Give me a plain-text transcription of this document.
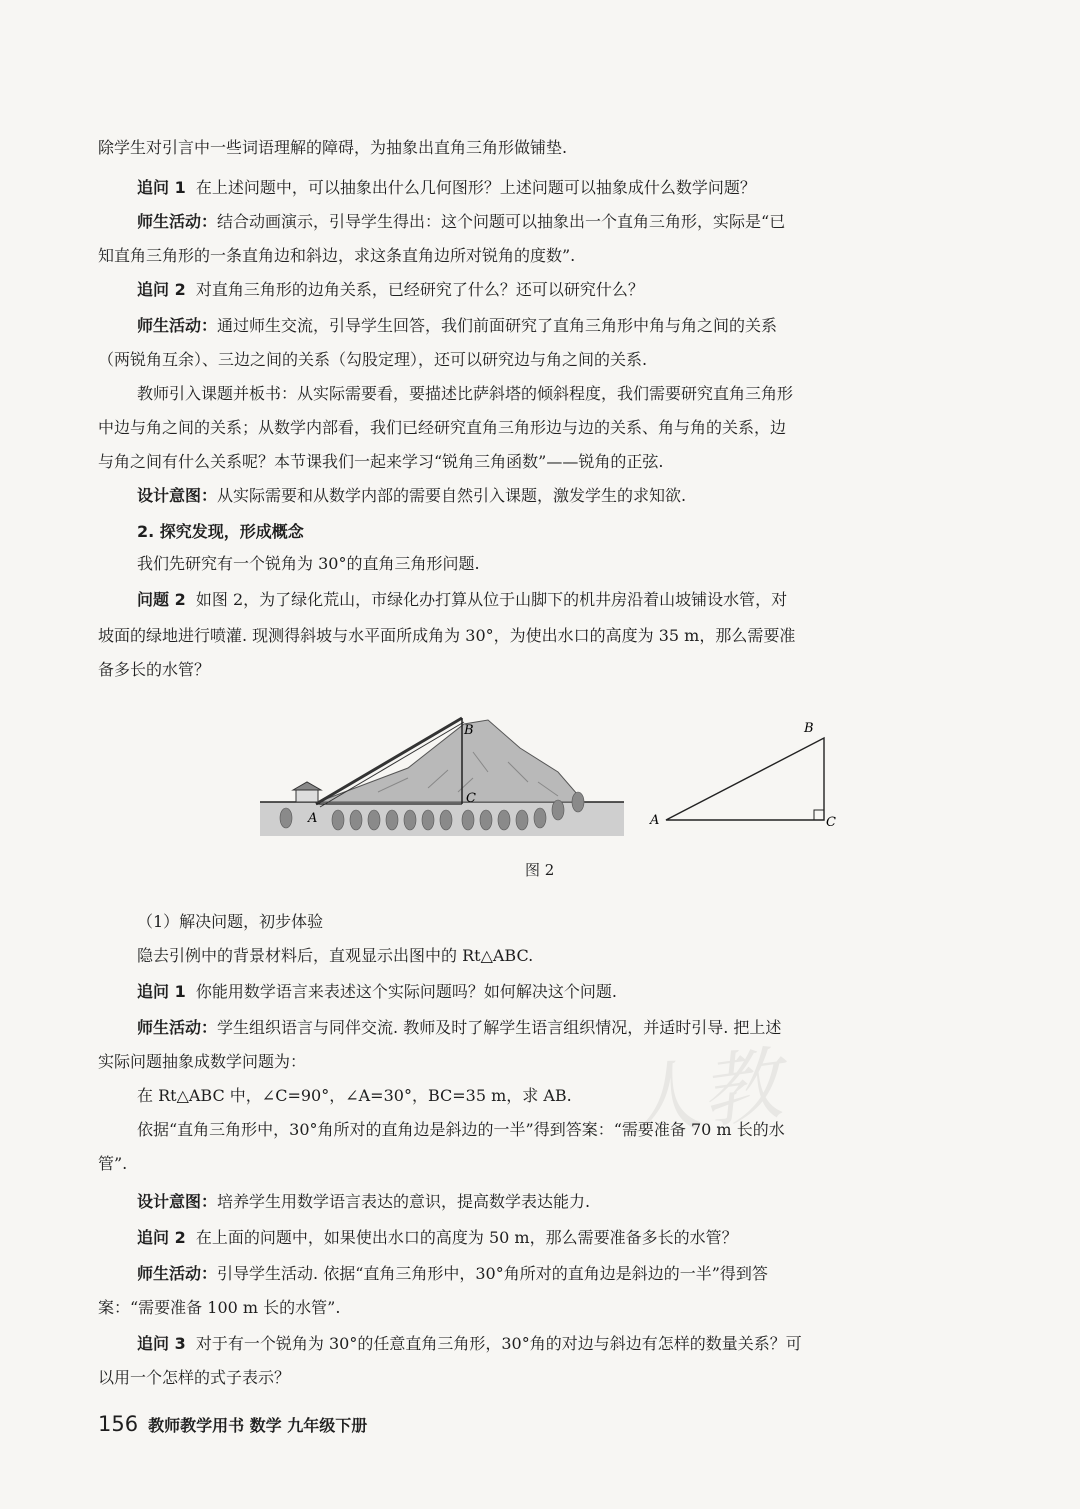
人教

除学生对引言中一些词语理解的障碍，为抽象出直角三角形做铺垫.

追问 1 在上述问题中，可以抽象出什么几何图形？上述问题可以抽象成什么数学问题？

师生活动：结合动画演示，引导学生得出：这个问题可以抽象出一个直角三角形，实际是“已

知直角三角形的一条直角边和斜边，求这条直角边所对锐角的度数”.

追问 2 对直角三角形的边角关系，已经研究了什么？还可以研究什么？

师生活动：通过师生交流，引导学生回答，我们前面研究了直角三角形中角与角之间的关系

（两锐角互余）、三边之间的关系（勾股定理），还可以研究边与角之间的关系.

教师引入课题并板书：从实际需要看，要描述比萨斜塔的倾斜程度，我们需要研究直角三角形

中边与角之间的关系；从数学内部看，我们已经研究直角三角形边与边的关系、角与角的关系，边

与角之间有什么关系呢？本节课我们一起来学习“锐角三角函数”——锐角的正弦.

设计意图：从实际需要和从数学内部的需要自然引入课题，激发学生的求知欲.

2. 探究发现，形成概念

我们先研究有一个锐角为 30°的直角三角形问题.

问题 2 如图 2，为了绿化荒山，市绿化办打算从位于山脚下的机井房沿着山坡铺设水管，对

坡面的绿地进行喷灌. 现测得斜坡与水平面所成角为 30°，为使出水口的高度为 35 m，那么需要准

备多长的水管？

B
C
A
B
A	C
图 2

（1）解决问题，初步体验

隐去引例中的背景材料后，直观显示出图中的 Rt△ABC.

追问 1 你能用数学语言来表述这个实际问题吗？如何解决这个问题.

师生活动：学生组织语言与同伴交流. 教师及时了解学生语言组织情况，并适时引导. 把上述

实际问题抽象成数学问题为：

在 Rt△ABC 中，∠C=90°，∠A=30°，BC=35 m，求 AB.

依据“直角三角形中，30°角所对的直角边是斜边的一半”得到答案：“需要准备 70 m 长的水

管”.

设计意图：培养学生用数学语言表达的意识，提高数学表达能力.

追问 2 在上面的问题中，如果使出水口的高度为 50 m，那么需要准备多长的水管？

师生活动：引导学生活动. 依据“直角三角形中，30°角所对的直角边是斜边的一半”得到答

案：“需要准备 100 m 长的水管”.

追问 3 对于有一个锐角为 30°的任意直角三角形，30°角的对边与斜边有怎样的数量关系？可

以用一个怎样的式子表示？

156 教师教学用书 数学 九年级下册
